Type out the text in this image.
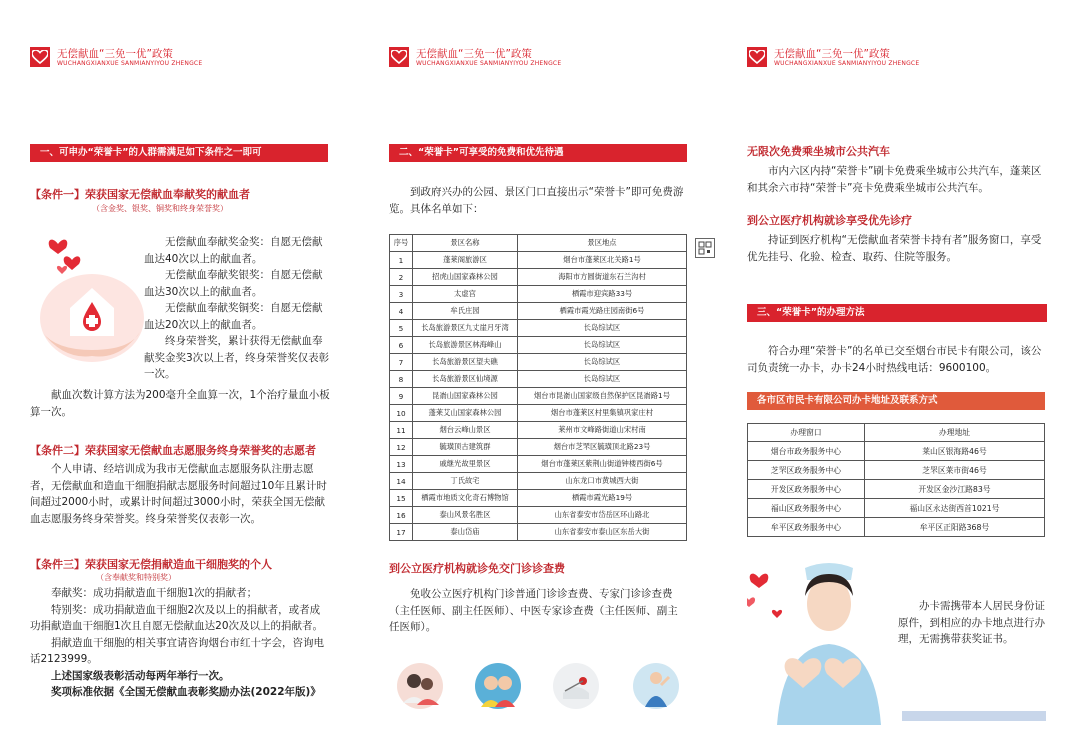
无偿献血“三免一优”政策
WUCHANGXIANXUE SANMIANYIYOU ZHENGCE
一、可申办“荣誉卡”的人群需满足如下条件之一即可
【条件一】荣获国家无偿献血奉献奖的献血者
（含金奖、银奖、铜奖和终身荣誉奖）

无偿献血奉献奖金奖：自愿无偿献血达40次以上的献血者。

无偿献血奉献奖银奖：自愿无偿献血达30次以上的献血者。

无偿献血奉献奖铜奖：自愿无偿献血达20次以上的献血者。

终身荣誉奖，累计获得无偿献血奉献奖金奖3次以上者，终身荣誉奖仅表彰一次。

献血次数计算方法为200毫升全血算一次，1个治疗量血小板算一次。

【条件二】荣获国家无偿献血志愿服务终身荣誉奖的志愿者

个人申请、经培训成为我市无偿献血志愿服务队注册志愿者，无偿献血和造血干细胞捐献志愿服务时间超过10年且累计时间超过2000小时，或累计时间超过3000小时，荣获全国无偿献血志愿服务终身荣誉奖。终身荣誉奖仅表彰一次。

【条件三】荣获国家无偿捐献造血干细胞奖的个人
（含奉献奖和特别奖）

奉献奖：成功捐献造血干细胞1次的捐献者；

特别奖：成功捐献造血干细胞2次及以上的捐献者，或者成功捐献造血干细胞1次且自愿无偿献血达20次及以上的捐献者。

捐献造血干细胞的相关事宜请咨询烟台市红十字会，咨询电话2123999。

上述国家级表彰活动每两年举行一次。

奖项标准依据《全国无偿献血表彰奖励办法(2022年版)》

无偿献血“三免一优”政策
WUCHANGXIANXUE SANMIANYIYOU ZHENGCE
二、“荣誉卡”可享受的免费和优先待遇

到政府兴办的公园、景区门口直接出示“荣誉卡”即可免费游览。具体名单如下：

序号	景区名称	景区地点
1	蓬莱阁旅游区	烟台市蓬莱区北关路1号
2	招虎山国家森林公园	海阳市方圆街道东石兰沟村
3	太虚宫	栖霞市迎宾路33号
4	牟氏庄园	栖霞市霞光路庄园南街6号
5	长岛旅游景区九丈崖月牙湾	长岛综试区
6	长岛旅游景区林海峰山	长岛综试区
7	长岛旅游景区望夫礁	长岛综试区
8	长岛旅游景区仙境源	长岛综试区
9	昆嵛山国家森林公园	烟台市昆嵛山国家级自然保护区昆嵛路1号
10	蓬莱艾山国家森林公园	烟台市蓬莱区村里集镇巩家庄村
11	烟台云峰山景区	莱州市文峰路街道山宋村南
12	毓璜顶古建筑群	烟台市芝罘区毓璜顶北路23号
13	戚继光故里景区	烟台市蓬莱区紫荆山街道钟楼西街6号
14	丁氏故宅	山东龙口市黄城西大街
15	栖霞市地质文化奇石博物馆	栖霞市霞光路19号
16	泰山风景名胜区	山东省泰安市岱岳区环山路北
17	泰山岱庙	山东省泰安市泰山区东岳大街
到公立医疗机构就诊免交门诊诊查费

免收公立医疗机构门诊普通门诊诊查费、专家门诊诊查费（主任医师、副主任医师）、中医专家诊查费（主任医师、副主任医师）。

无偿献血“三免一优”政策
WUCHANGXIANXUE SANMIANYIYOU ZHENGCE
无限次免费乘坐城市公共汽车

市内六区内持“荣誉卡”刷卡免费乘坐城市公共汽车，蓬莱区和其余六市持“荣誉卡”亮卡免费乘坐城市公共汽车。

到公立医疗机构就诊享受优先诊疗

持证到医疗机构“无偿献血者荣誉卡持有者”服务窗口，享受优先挂号、化验、检查、取药、住院等服务。

三、“荣誉卡”的办理方法

符合办理“荣誉卡”的名单已交至烟台市民卡有限公司，该公司负责统一办卡，办卡24小时热线电话：9600100。

各市区市民卡有限公司办卡地址及联系方式
办理窗口	办理地址
烟台市政务服务中心	莱山区银海路46号
芝罘区政务服务中心	芝罘区莱市街46号
开发区政务服务中心	开发区金沙江路83号
福山区政务服务中心	福山区永达街西首1021号
牟平区政务服务中心	牟平区正阳路368号

办卡需携带本人居民身份证原件，到相应的办卡地点进行办理，无需携带获奖证书。
